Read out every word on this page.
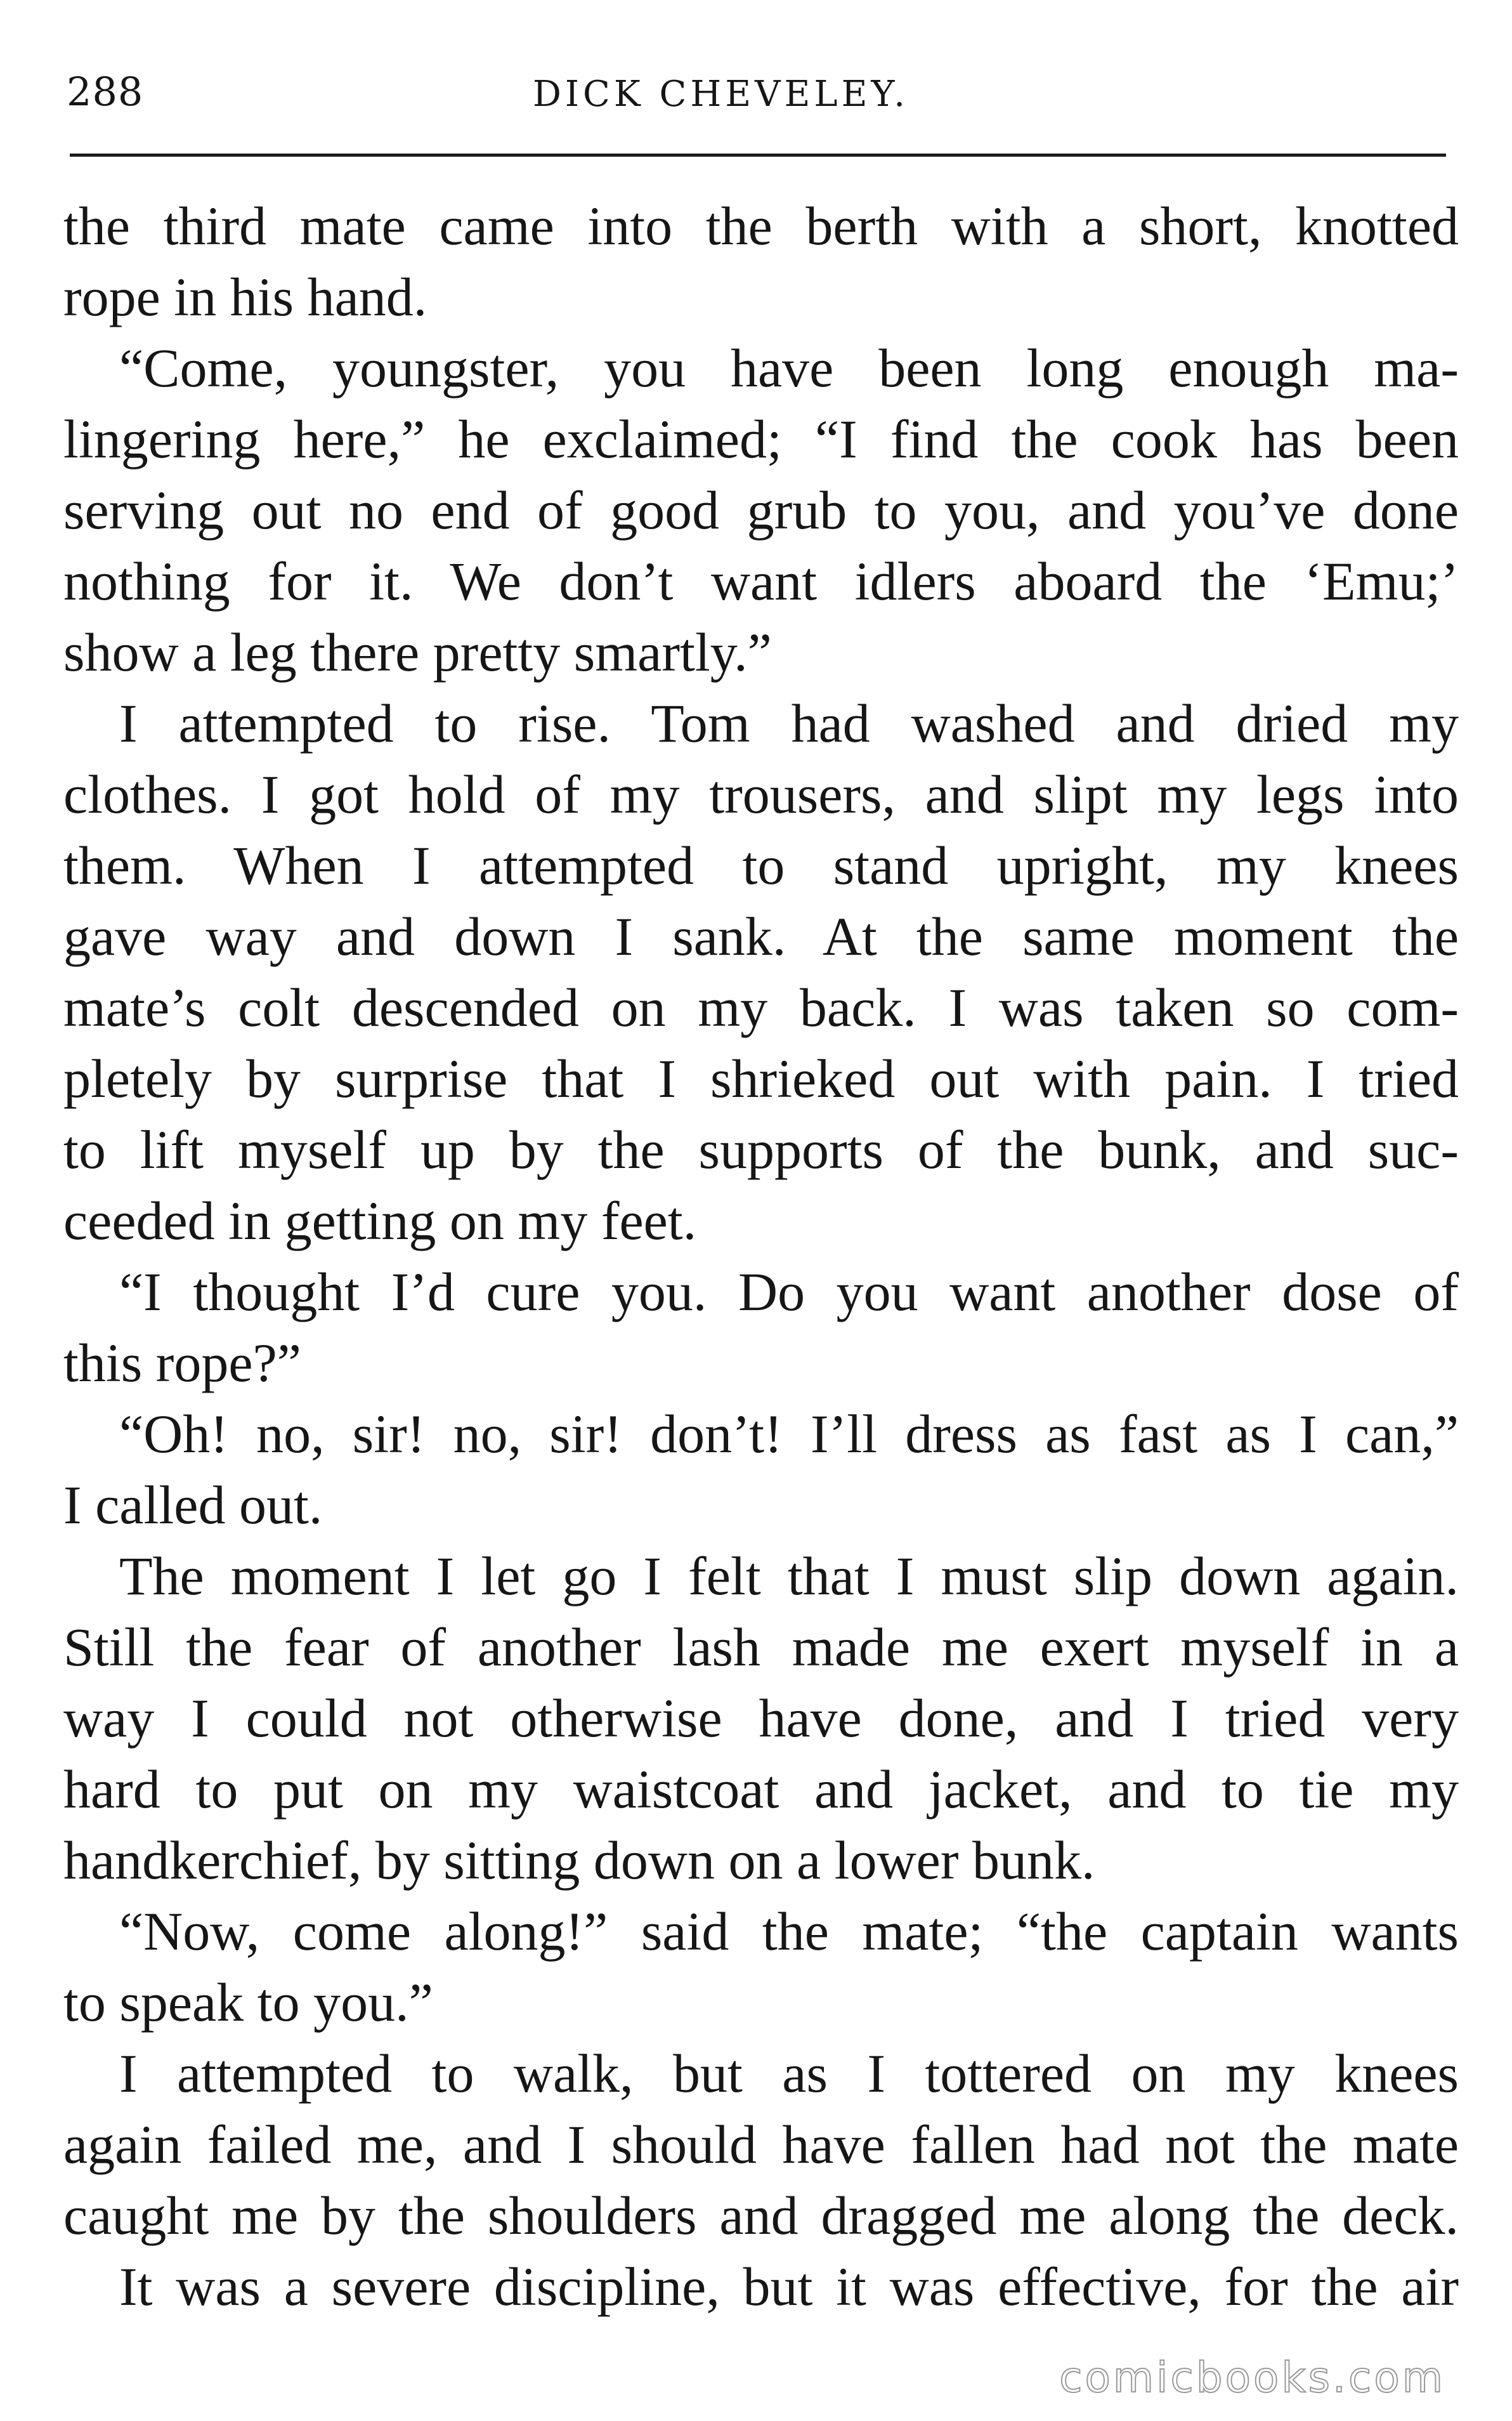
288	DICK CHEVELEY.
the third mate came into the berth with a short, knotted
rope in his hand.
“Come, youngster, you have been long enough ma-
lingering here,” he exclaimed; “I find the cook has been
serving out no end of good grub to you, and you’ve done
nothing for it. We don’t want idlers aboard the ‘Emu;’
show a leg there pretty smartly.”
I attempted to rise. Tom had washed and dried my
clothes. I got hold of my trousers, and slipt my legs into
them. When I attempted to stand upright, my knees
gave way and down I sank. At the same moment the
mate’s colt descended on my back. I was taken so com-
pletely by surprise that I shrieked out with pain. I tried
to lift myself up by the supports of the bunk, and suc-
ceeded in getting on my feet.
“I thought I’d cure you. Do you want another dose of
this rope?”
“Oh! no, sir! no, sir! don’t! I’ll dress as fast as I can,”
I called out.
The moment I let go I felt that I must slip down again.
Still the fear of another lash made me exert myself in a
way I could not otherwise have done, and I tried very
hard to put on my waistcoat and jacket, and to tie my
handkerchief, by sitting down on a lower bunk.
“Now, come along!” said the mate; “the captain wants
to speak to you.”
I attempted to walk, but as I tottered on my knees
again failed me, and I should have fallen had not the mate
caught me by the shoulders and dragged me along the deck.
It was a severe discipline, but it was effective, for the air
comicbooks.com
